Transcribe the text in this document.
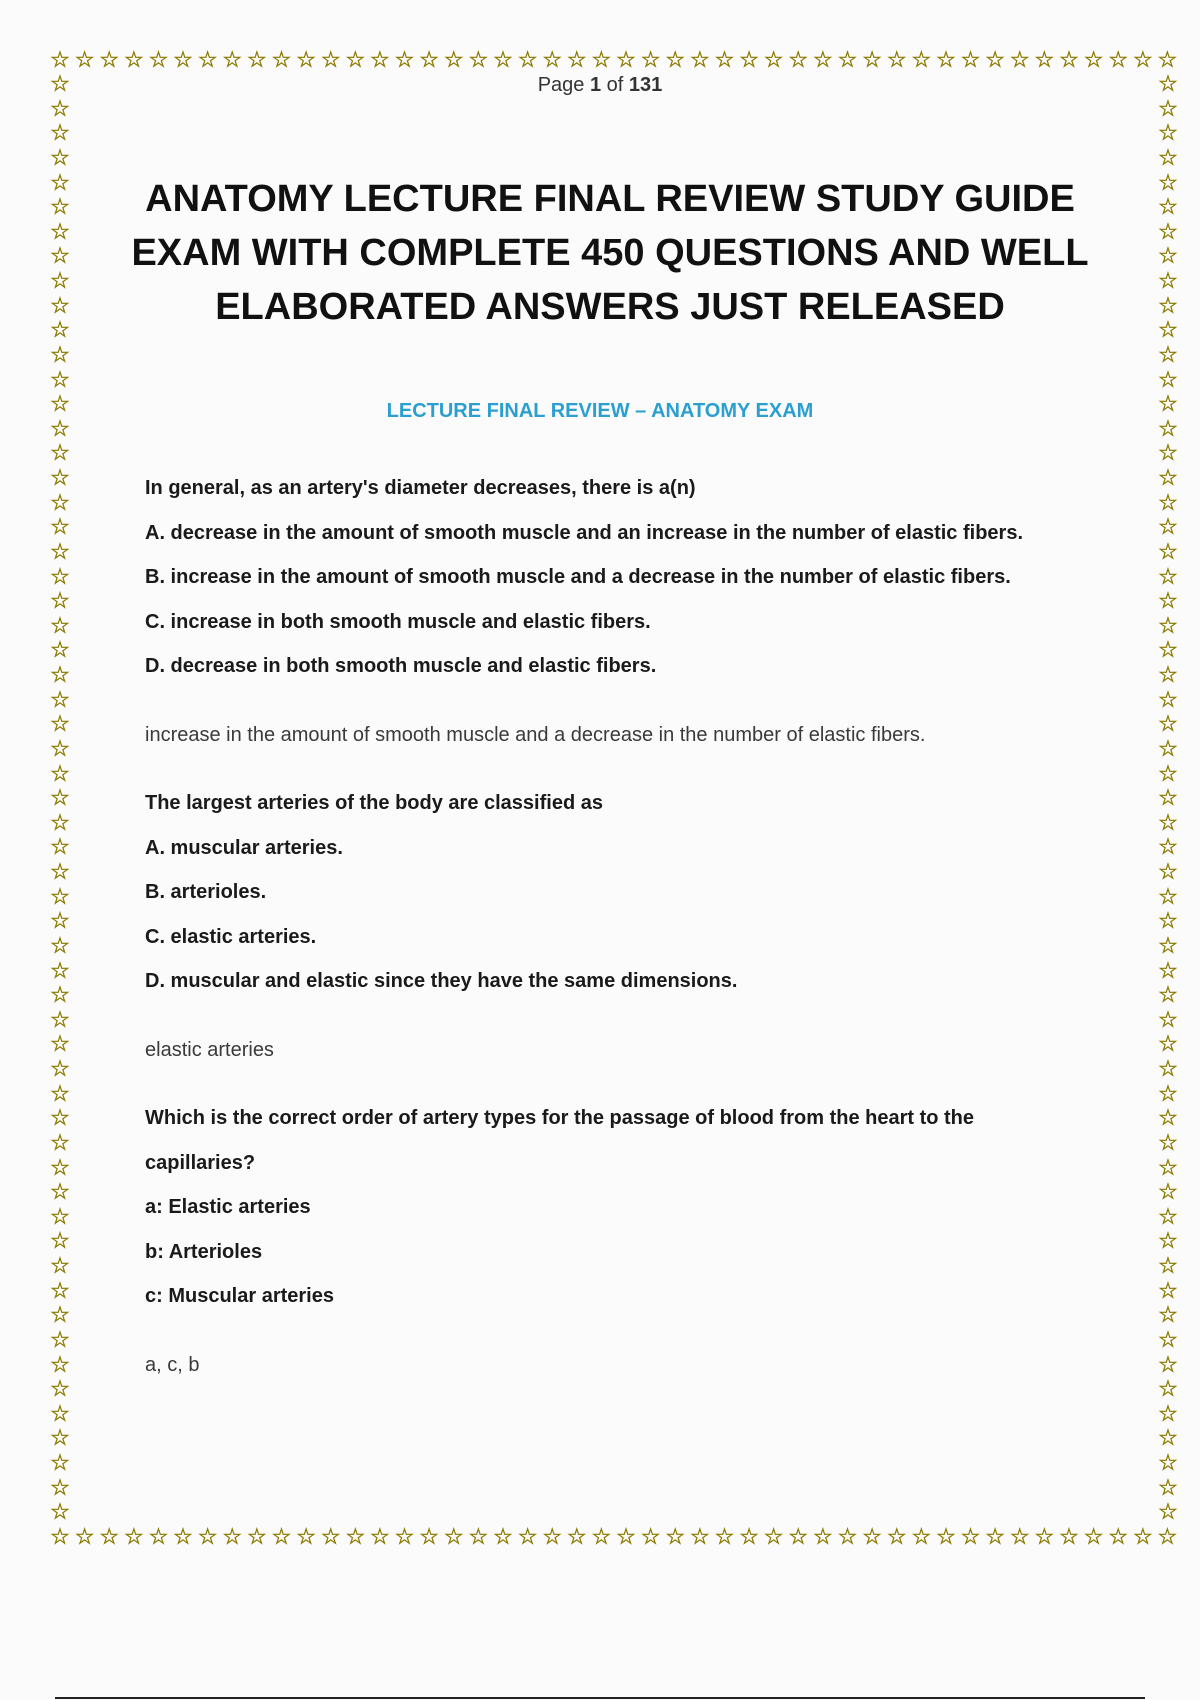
☆ ☆ ☆ ☆ ☆ ☆ ☆ ☆ ☆ ☆ ☆ ☆ ☆ ☆ ☆ ☆ ☆ ☆ ☆ ☆ ☆ ☆ ☆ ☆ ☆ ☆ ☆ ☆ ☆ ☆ ☆ ☆ ☆ ☆ ☆ ☆ ☆ ☆ ☆ ☆ ☆ ☆ ☆ ☆ ☆ ☆
☆
☆
☆
☆
☆
☆
☆
☆
☆
☆
☆
☆
☆
☆
☆
☆
☆
☆
☆
☆
☆
☆
☆
☆
☆
☆
☆
☆
☆
☆
☆
☆
☆
☆
☆
☆
☆
☆
☆
☆
☆
☆
☆
☆
☆
☆
☆
☆
☆
☆
☆
☆
☆
☆
☆
☆
☆
☆
☆
☆
☆
☆
☆
☆
☆
☆
☆
☆
☆
☆
☆
☆
☆
☆
☆
☆
☆
☆
☆
☆
☆
☆
☆
☆
☆
☆
☆
☆
☆
☆
☆
☆
☆
☆
☆
☆
☆
☆
☆
☆
☆
☆
☆
☆
☆
☆
☆
☆
☆
☆
☆
☆
☆
☆
☆
☆
☆
☆
☆ ☆ ☆ ☆ ☆ ☆ ☆ ☆ ☆ ☆ ☆ ☆ ☆ ☆ ☆ ☆ ☆ ☆ ☆ ☆ ☆ ☆ ☆ ☆ ☆ ☆ ☆ ☆ ☆ ☆ ☆ ☆ ☆ ☆ ☆ ☆ ☆ ☆ ☆ ☆ ☆ ☆ ☆ ☆ ☆ ☆
Page 1 of 131
ANATOMY LECTURE FINAL REVIEW STUDY GUIDE EXAM WITH COMPLETE 450 QUESTIONS AND WELL ELABORATED ANSWERS JUST RELEASED
LECTURE FINAL REVIEW – ANATOMY EXAM
In general, as an artery's diameter decreases, there is a(n)
A. decrease in the amount of smooth muscle and an increase in the number of elastic fibers.
B. increase in the amount of smooth muscle and a decrease in the number of elastic fibers.
C. increase in both smooth muscle and elastic fibers.
D. decrease in both smooth muscle and elastic fibers.
increase in the amount of smooth muscle and a decrease in the number of elastic fibers.
The largest arteries of the body are classified as
A. muscular arteries.
B. arterioles.
C. elastic arteries.
D. muscular and elastic since they have the same dimensions.
elastic arteries
Which is the correct order of artery types for the passage of blood from the heart to the
capillaries?
a: Elastic arteries
b: Arterioles
c: Muscular arteries
a, c, b
